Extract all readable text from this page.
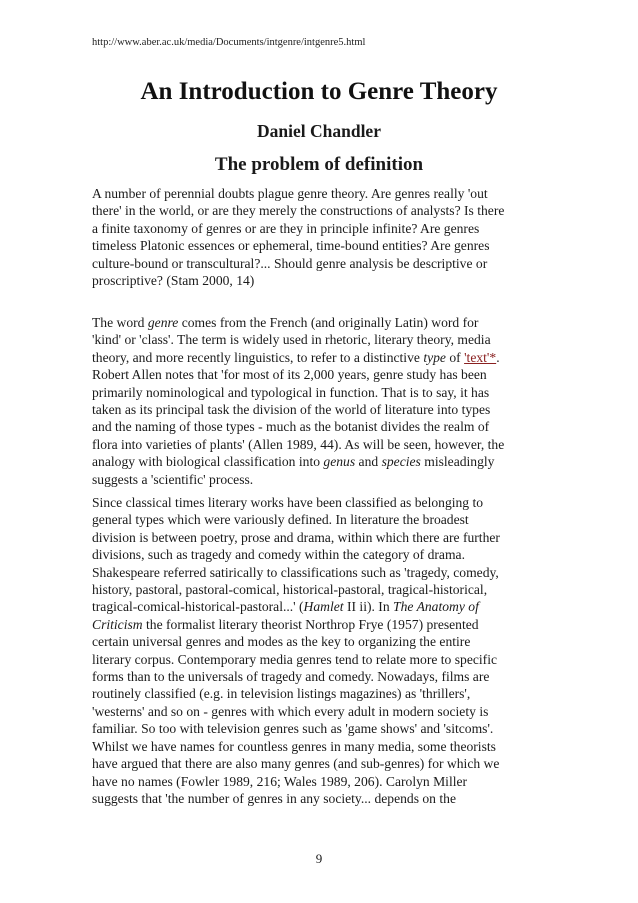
http://www.aber.ac.uk/media/Documents/intgenre/intgenre5.html
An Introduction to Genre Theory
Daniel Chandler
The problem of definition
A number of perennial doubts plague genre theory. Are genres really 'out
there' in the world, or are they merely the constructions of analysts? Is there
a finite taxonomy of genres or are they in principle infinite? Are genres
timeless Platonic essences or ephemeral, time-bound entities? Are genres
culture-bound or transcultural?... Should genre analysis be descriptive or
proscriptive? (Stam 2000, 14)
The word genre comes from the French (and originally Latin) word for
'kind' or 'class'. The term is widely used in rhetoric, literary theory, media
theory, and more recently linguistics, to refer to a distinctive type of 'text'*.
Robert Allen notes that 'for most of its 2,000 years, genre study has been
primarily nominological and typological in function. That is to say, it has
taken as its principal task the division of the world of literature into types
and the naming of those types - much as the botanist divides the realm of
flora into varieties of plants' (Allen 1989, 44). As will be seen, however, the
analogy with biological classification into genus and species misleadingly
suggests a 'scientific' process.
Since classical times literary works have been classified as belonging to
general types which were variously defined. In literature the broadest
division is between poetry, prose and drama, within which there are further
divisions, such as tragedy and comedy within the category of drama.
Shakespeare referred satirically to classifications such as 'tragedy, comedy,
history, pastoral, pastoral-comical, historical-pastoral, tragical-historical,
tragical-comical-historical-pastoral...' (Hamlet II ii). In The Anatomy of
Criticism the formalist literary theorist Northrop Frye (1957) presented
certain universal genres and modes as the key to organizing the entire
literary corpus. Contemporary media genres tend to relate more to specific
forms than to the universals of tragedy and comedy. Nowadays, films are
routinely classified (e.g. in television listings magazines) as 'thrillers',
'westerns' and so on - genres with which every adult in modern society is
familiar. So too with television genres such as 'game shows' and 'sitcoms'.
Whilst we have names for countless genres in many media, some theorists
have argued that there are also many genres (and sub-genres) for which we
have no names (Fowler 1989, 216; Wales 1989, 206). Carolyn Miller
suggests that 'the number of genres in any society... depends on the
9
